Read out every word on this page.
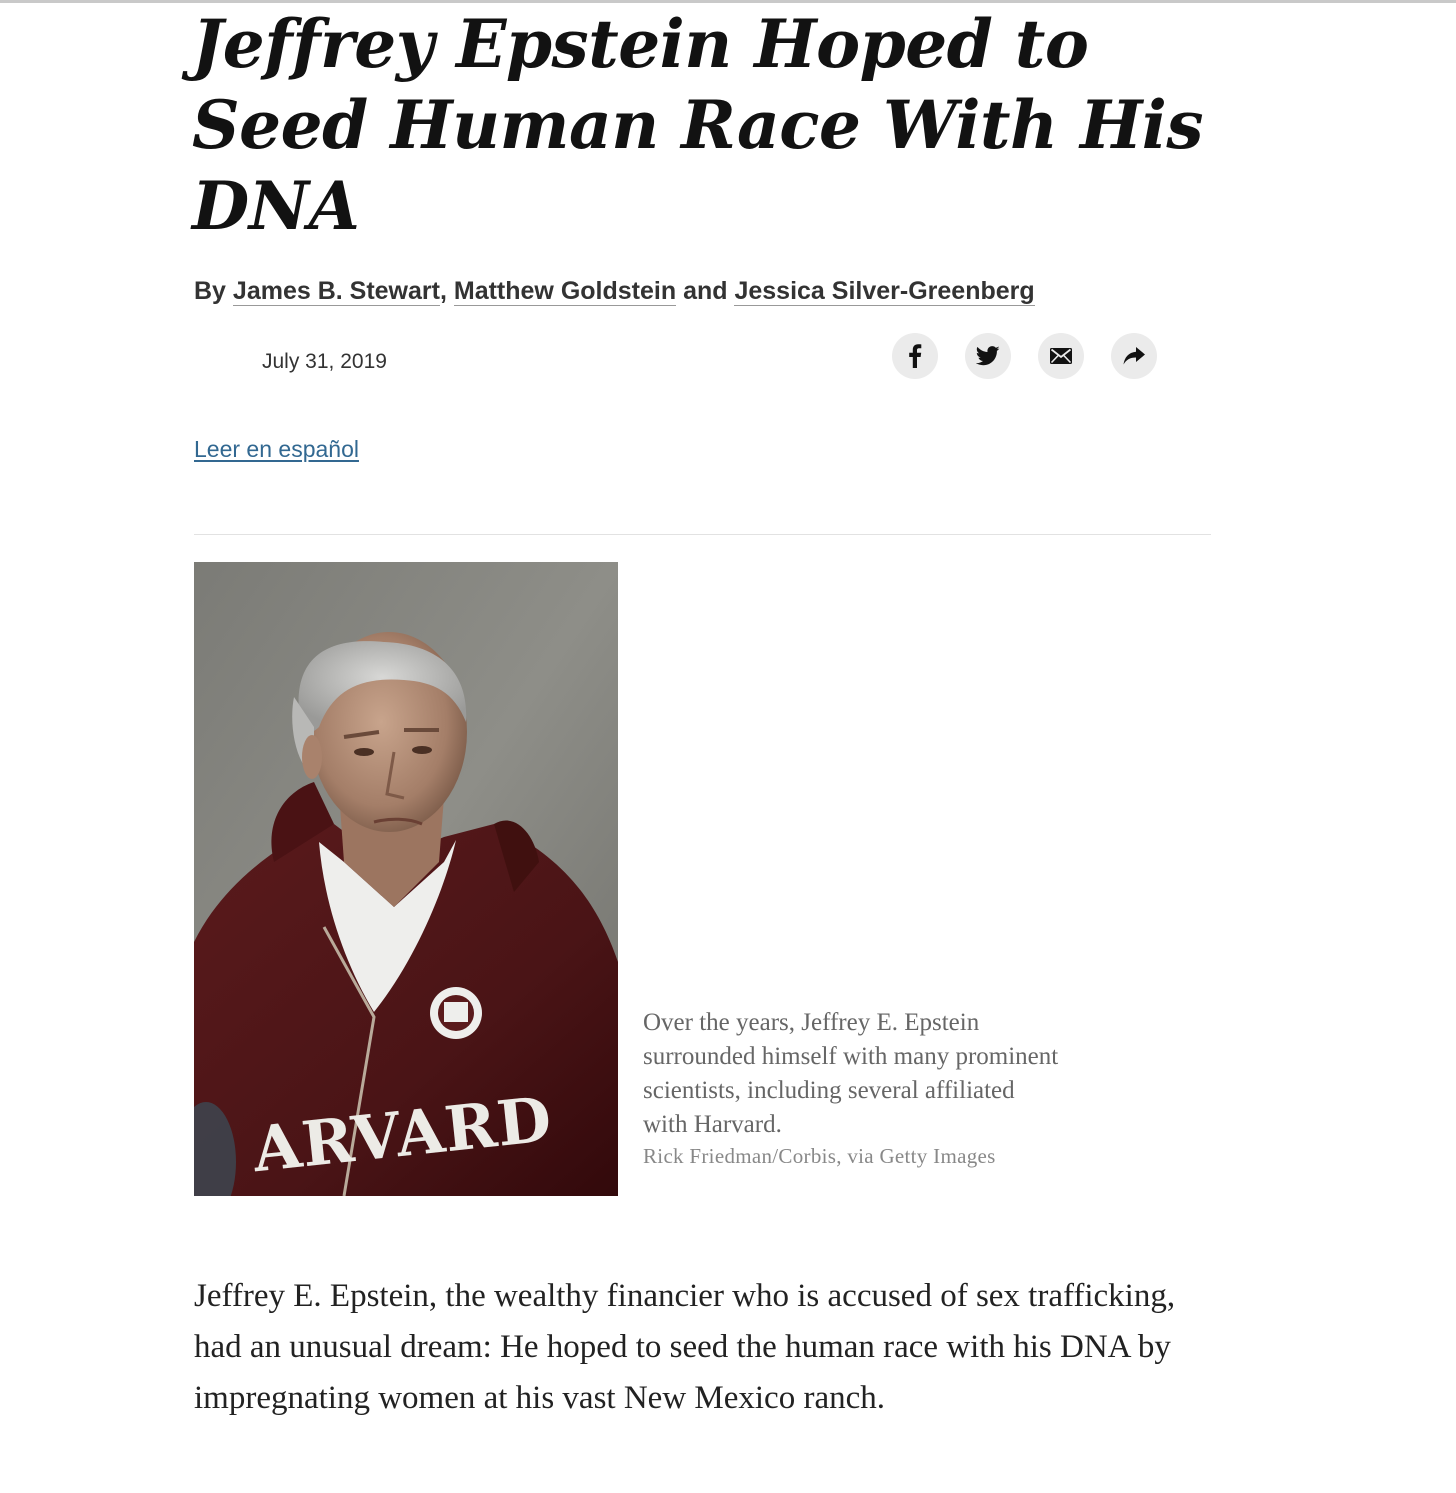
Jeffrey Epstein Hoped to Seed Human Race With His DNA
By James B. Stewart, Matthew Goldstein and Jessica Silver-Greenberg
July 31, 2019
Leer en español
ARVARD
Over the years, Jeffrey E. Epstein surrounded himself with many prominent scientists, including several affiliated with Harvard.
Rick Friedman/Corbis, via Getty Images

Jeffrey E. Epstein, the wealthy financier who is accused of sex trafficking, had an unusual dream: He hoped to seed the human race with his DNA by impregnating women at his vast New Mexico ranch.
